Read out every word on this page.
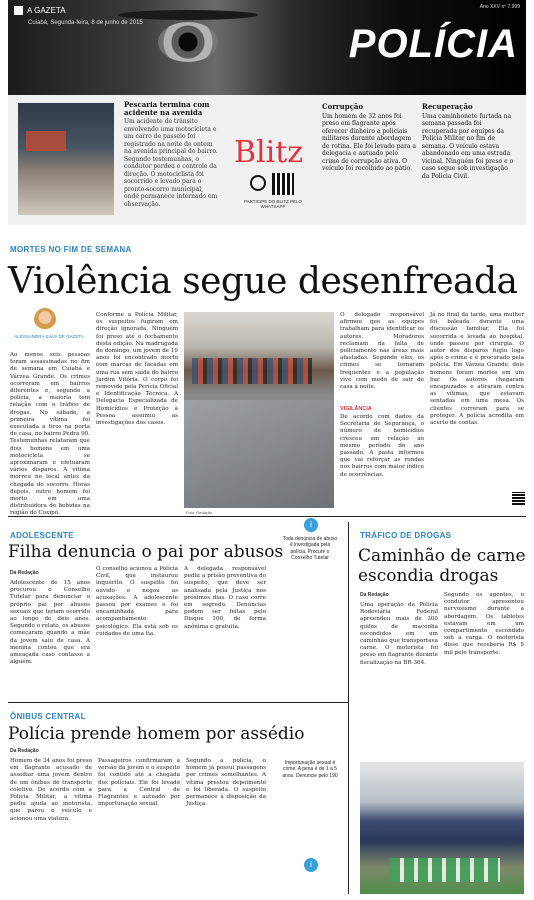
A GAZETA
Cuiabá, Segunda-feira, 8 de junho de 2015
Ano XXV nº 7.999
POLÍCIA
Pescaria termina com acidente na avenida
Um acidente de trânsito envolvendo uma motocicleta e um carro de passeio foi registrado na noite de ontem na avenida principal do bairro. Segundo testemunhas, o condutor perdeu o controle da direção. O motociclista foi socorrido e levado para o pronto-socorro municipal, onde permanece internado em observação.
Blitz
PARTICIPE DO BLITZ PELO WHATSAPP
Corrupção
Um homem de 32 anos foi preso em flagrante após oferecer dinheiro a policiais militares durante abordagem de rotina. Ele foi levado para a delegacia e autuado pelo crime de corrupção ativa. O veículo foi recolhido ao pátio.
Recuperação
Uma caminhonete furtada na semana passada foi recuperada por equipes da Polícia Militar no fim de semana. O veículo estava abandonado em uma estrada vicinal. Ninguém foi preso e o caso segue sob investigação da Polícia Civil.
MORTES NO FIM DE SEMANA
Violência segue desenfreada
ALESSANDRA SILVA DE GAZETA
Ao menos seis pessoas foram assassinadas no fim de semana em Cuiabá e Várzea Grande. Os crimes ocorreram em bairros diferentes e, segundo a polícia, a maioria tem relação com o tráfico de drogas. No sábado, a primeira vítima foi executada a tiros na porta de casa, no bairro Pedra 90. Testemunhas relataram que dois homens em uma motocicleta se aproximaram e efetuaram vários disparos. A vítima morreu no local antes da chegada do socorro. Horas depois, outro homem foi morto em uma distribuidora de bebidas na região do Coxipó.
Conforme a Polícia Militar, os suspeitos fugiram em direção ignorada. Ninguém foi preso até o fechamento desta edição. Na madrugada de domingo, um jovem de 19 anos foi encontrado morto com marcas de facadas em uma rua sem saída do bairro Jardim Vitória. O corpo foi removido pela Perícia Oficial e Identificação Técnica. A Delegacia Especializada de Homicídios e Proteção à Pessoa assumiu as investigações dos casos.
Foto: Redação
O delegado responsável afirmou que as equipes trabalham para identificar os autores. Moradores reclamam da falta de policiamento nas áreas mais afastadas. Segundo eles, os crimes se tornaram frequentes e a população vive com medo de sair de casa à noite.
VIGILÂNCIA
De acordo com dados da Secretaria de Segurança, o número de homicídios cresceu em relação ao mesmo período do ano passado. A pasta informou que vai reforçar as rondas nos bairros com maior índice de ocorrências.
Já no final da tarde, uma mulher foi baleada durante uma discussão familiar. Ela foi socorrida e levada ao hospital, onde passou por cirurgia. O autor dos disparos fugiu logo após o crime e é procurado pela polícia. Em Várzea Grande, dois homens foram mortos em um bar. Os autores chegaram encapuzados e atiraram contra as vítimas, que estavam sentadas em uma mesa. Os clientes correram para se proteger. A polícia acredita em acerto de contas.
ADOLESCENTE
Filha denuncia o pai por abusos
Da Redação
Adolescente de 15 anos procurou o Conselho Tutelar para denunciar o próprio pai por abusos sexuais que teriam ocorrido ao longo de dois anos. Segundo o relato, os abusos começaram quando a mãe da jovem saiu de casa. A menina contou que era ameaçada caso contasse a alguém.
O conselho acionou a Polícia Civil, que instaurou inquérito. O suspeito foi ouvido e negou as acusações. A adolescente passou por exames e foi encaminhada para acompanhamento psicológico. Ela está sob os cuidados de uma tia.
A delegada responsável pediu a prisão preventiva do suspeito, que deve ser analisada pela Justiça nos próximos dias. O caso corre em segredo. Denúncias podem ser feitas pelo Disque 100, de forma anônima e gratuita.
i
Toda denúncia de abuso é investigada pela polícia. Procure o Conselho Tutelar
ÔNIBUS CENTRAL
Polícia prende homem por assédio
Da Redação
Homem de 34 anos foi preso em flagrante acusado de assediar uma jovem dentro de um ônibus do transporte coletivo. De acordo com a Polícia Militar, a vítima pediu ajuda ao motorista, que parou o veículo e acionou uma viatura.
Passageiros confirmaram a versão da jovem e o suspeito foi contido até a chegada dos policiais. Ele foi levado para a Central de Flagrantes e autuado por importunação sexual.
Segundo a polícia, o homem já possui passagens por crimes semelhantes. A vítima prestou depoimento e foi liberada. O suspeito permanece à disposição da Justiça.
Importunação sexual é crime. A pena é de 1 a 5 anos. Denuncie pelo 190
i
TRÁFICO DE DROGAS
Caminhão de carne escondia drogas
Da Redação
Uma operação da Polícia Rodoviária Federal apreendeu mais de 300 quilos de maconha escondidos em um caminhão que transportava carne. O motorista foi preso em flagrante durante fiscalização na BR-364.
Segundo os agentes, o condutor apresentou nervosismo durante a abordagem. Os tabletes estavam em um compartimento escondido sob a carga. O motorista disse que receberia R$ 5 mil pelo transporte.
